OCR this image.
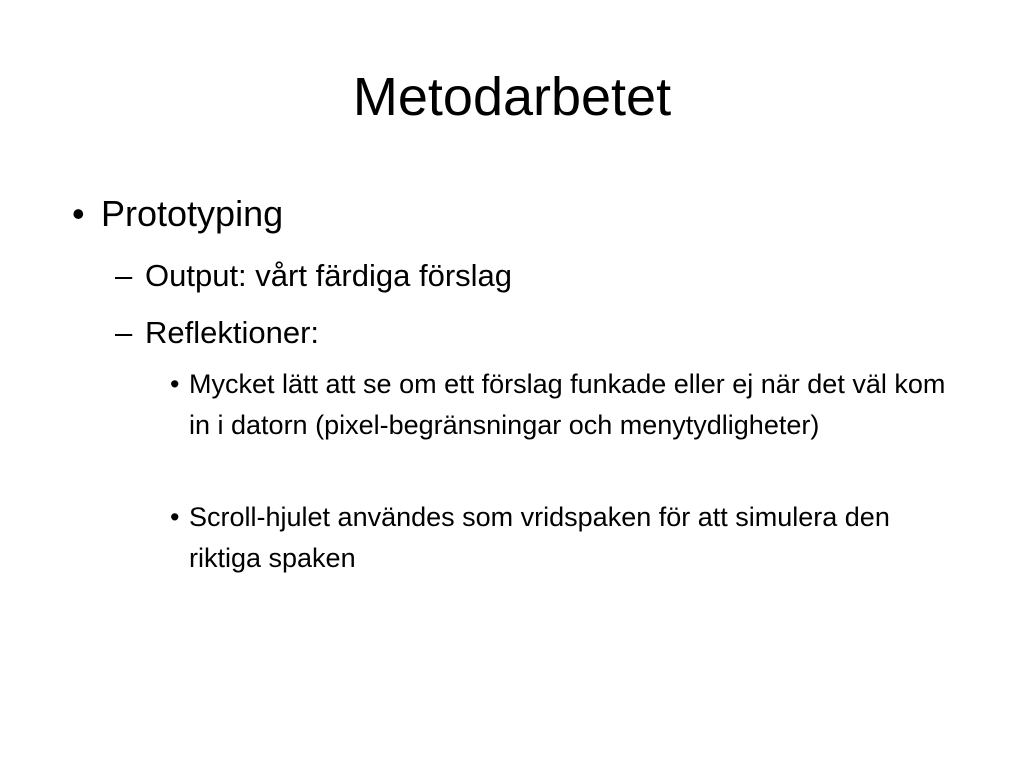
Metodarbetet
• Prototyping
– Output: vårt färdiga förslag
– Reflektioner:
• Mycket lätt att se om ett förslag funkade eller ej när det väl kom in i datorn (pixel-begränsningar och menytydligheter)
• Scroll-hjulet användes som vridspaken för att simulera den riktiga spaken
